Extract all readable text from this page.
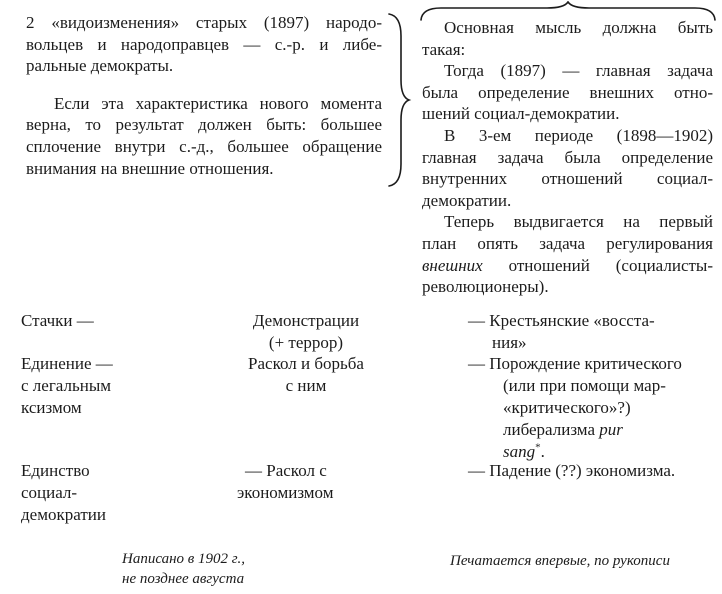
2 «видоизменения» старых (1897) народо-
вольцев и народоправцев — с.-р. и либе-
ральные демократы.
Если эта характеристика нового момента
верна, то результат должен быть: большее
сплочение внутри с.-д., большее обращение
внимания на внешние отношения.
Основная мысль должна быть
такая:
Тогда (1897) — главная задача
была определение внешних отно-
шений социал-демократии.
В 3-ем периоде (1898—1902)
главная задача была определение
внутренних отношений социал-
демократии.
Теперь выдвигается на первый
план опять задача регулирования
внешних отношений (социалисты-
революционеры).
Стачки —
Единение —
с легальным
ксизмом
Единство
социал-
демократии
Демонстрации
(+ террор)
Раскол и борьба
с ним
— Раскол с
экономизмом
— Крестьянские «восста-
ния»
— Порождение критического
(или при помощи мар-
«критического»?)
либерализма pur
sang*.
— Падение (??) экономизма.
Написано в 1902 г.,
не позднее августа
Печатается впервые, по рукописи
